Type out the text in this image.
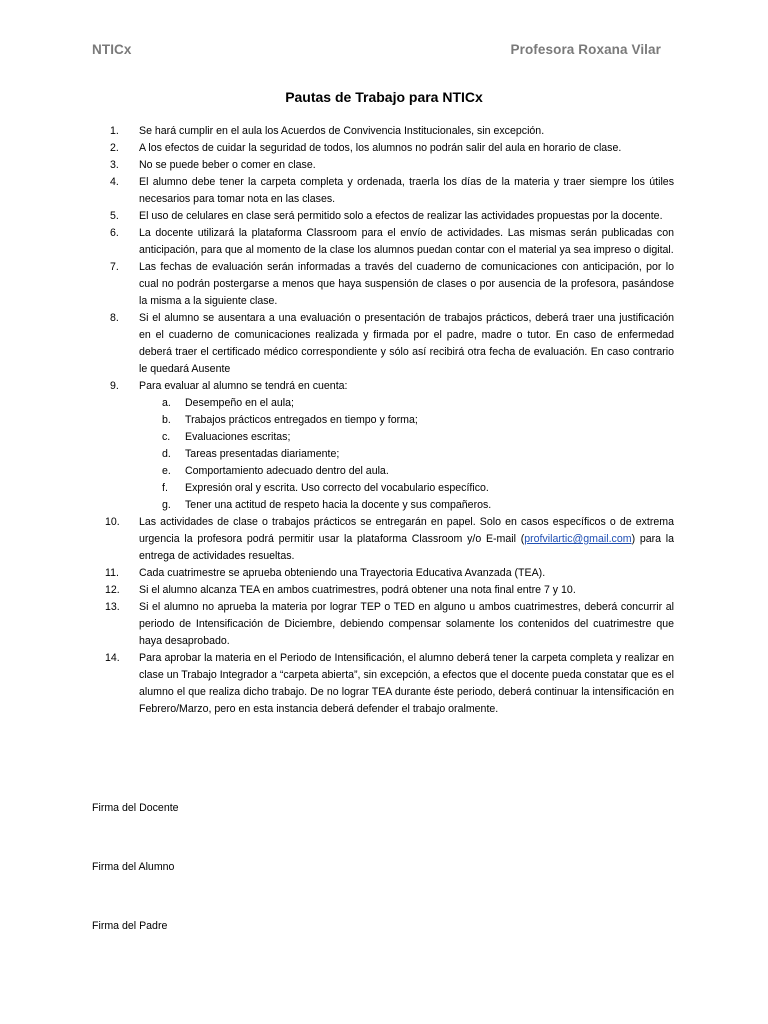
NTICx	Profesora Roxana Vilar
Pautas de Trabajo para NTICx
1. Se hará cumplir en el aula los Acuerdos de Convivencia Institucionales, sin excepción.
2. A los efectos de cuidar la seguridad de todos, los alumnos no podrán salir del aula en horario de clase.
3. No se puede beber o comer en clase.
4. El alumno debe tener la carpeta completa y ordenada, traerla los días de la materia y traer siempre los útiles necesarios para tomar nota en las clases.
5. El uso de celulares en clase será permitido solo a efectos de realizar las actividades propuestas por la docente.
6. La docente utilizará la plataforma Classroom para el envío de actividades. Las mismas serán publicadas con anticipación, para que al momento de la clase los alumnos puedan contar con el material ya sea impreso o digital.
7. Las fechas de evaluación serán informadas a través del cuaderno de comunicaciones con anticipación, por lo cual no podrán postergarse a menos que haya suspensión de clases o por ausencia de la profesora, pasándose la misma a la siguiente clase.
8. Si el alumno se ausentara a una evaluación o presentación de trabajos prácticos, deberá traer una justificación en el cuaderno de comunicaciones realizada y firmada por el padre, madre o tutor. En caso de enfermedad deberá traer el certificado médico correspondiente y sólo así recibirá otra fecha de evaluación. En caso contrario le quedará Ausente
9. Para evaluar al alumno se tendrá en cuenta:
a. Desempeño en el aula;
b. Trabajos prácticos entregados en tiempo y forma;
c. Evaluaciones escritas;
d. Tareas presentadas diariamente;
e. Comportamiento adecuado dentro del aula.
f. Expresión oral y escrita. Uso correcto del vocabulario específico.
g. Tener una actitud de respeto hacia la docente y sus compañeros.
10. Las actividades de clase o trabajos prácticos se entregarán en papel. Solo en casos específicos o de extrema urgencia la profesora podrá permitir usar la plataforma Classroom y/o E-mail (profvilartic@gmail.com) para la entrega de actividades resueltas.
11. Cada cuatrimestre se aprueba obteniendo una Trayectoria Educativa Avanzada (TEA).
12. Si el alumno alcanza TEA en ambos cuatrimestres, podrá obtener una nota final entre 7 y 10.
13. Si el alumno no aprueba la materia por lograr TEP o TED en alguno u ambos cuatrimestres, deberá concurrir al periodo de Intensificación de Diciembre, debiendo compensar solamente los contenidos del cuatrimestre que haya desaprobado.
14. Para aprobar la materia en el Periodo de Intensificación, el alumno deberá tener la carpeta completa y realizar en clase un Trabajo Integrador a “carpeta abierta”, sin excepción, a efectos que el docente pueda constatar que es el alumno el que realiza dicho trabajo. De no lograr TEA durante éste periodo, deberá continuar la intensificación en Febrero/Marzo, pero en esta instancia deberá defender el trabajo oralmente.
Firma del Docente
Firma del Alumno
Firma del Padre
